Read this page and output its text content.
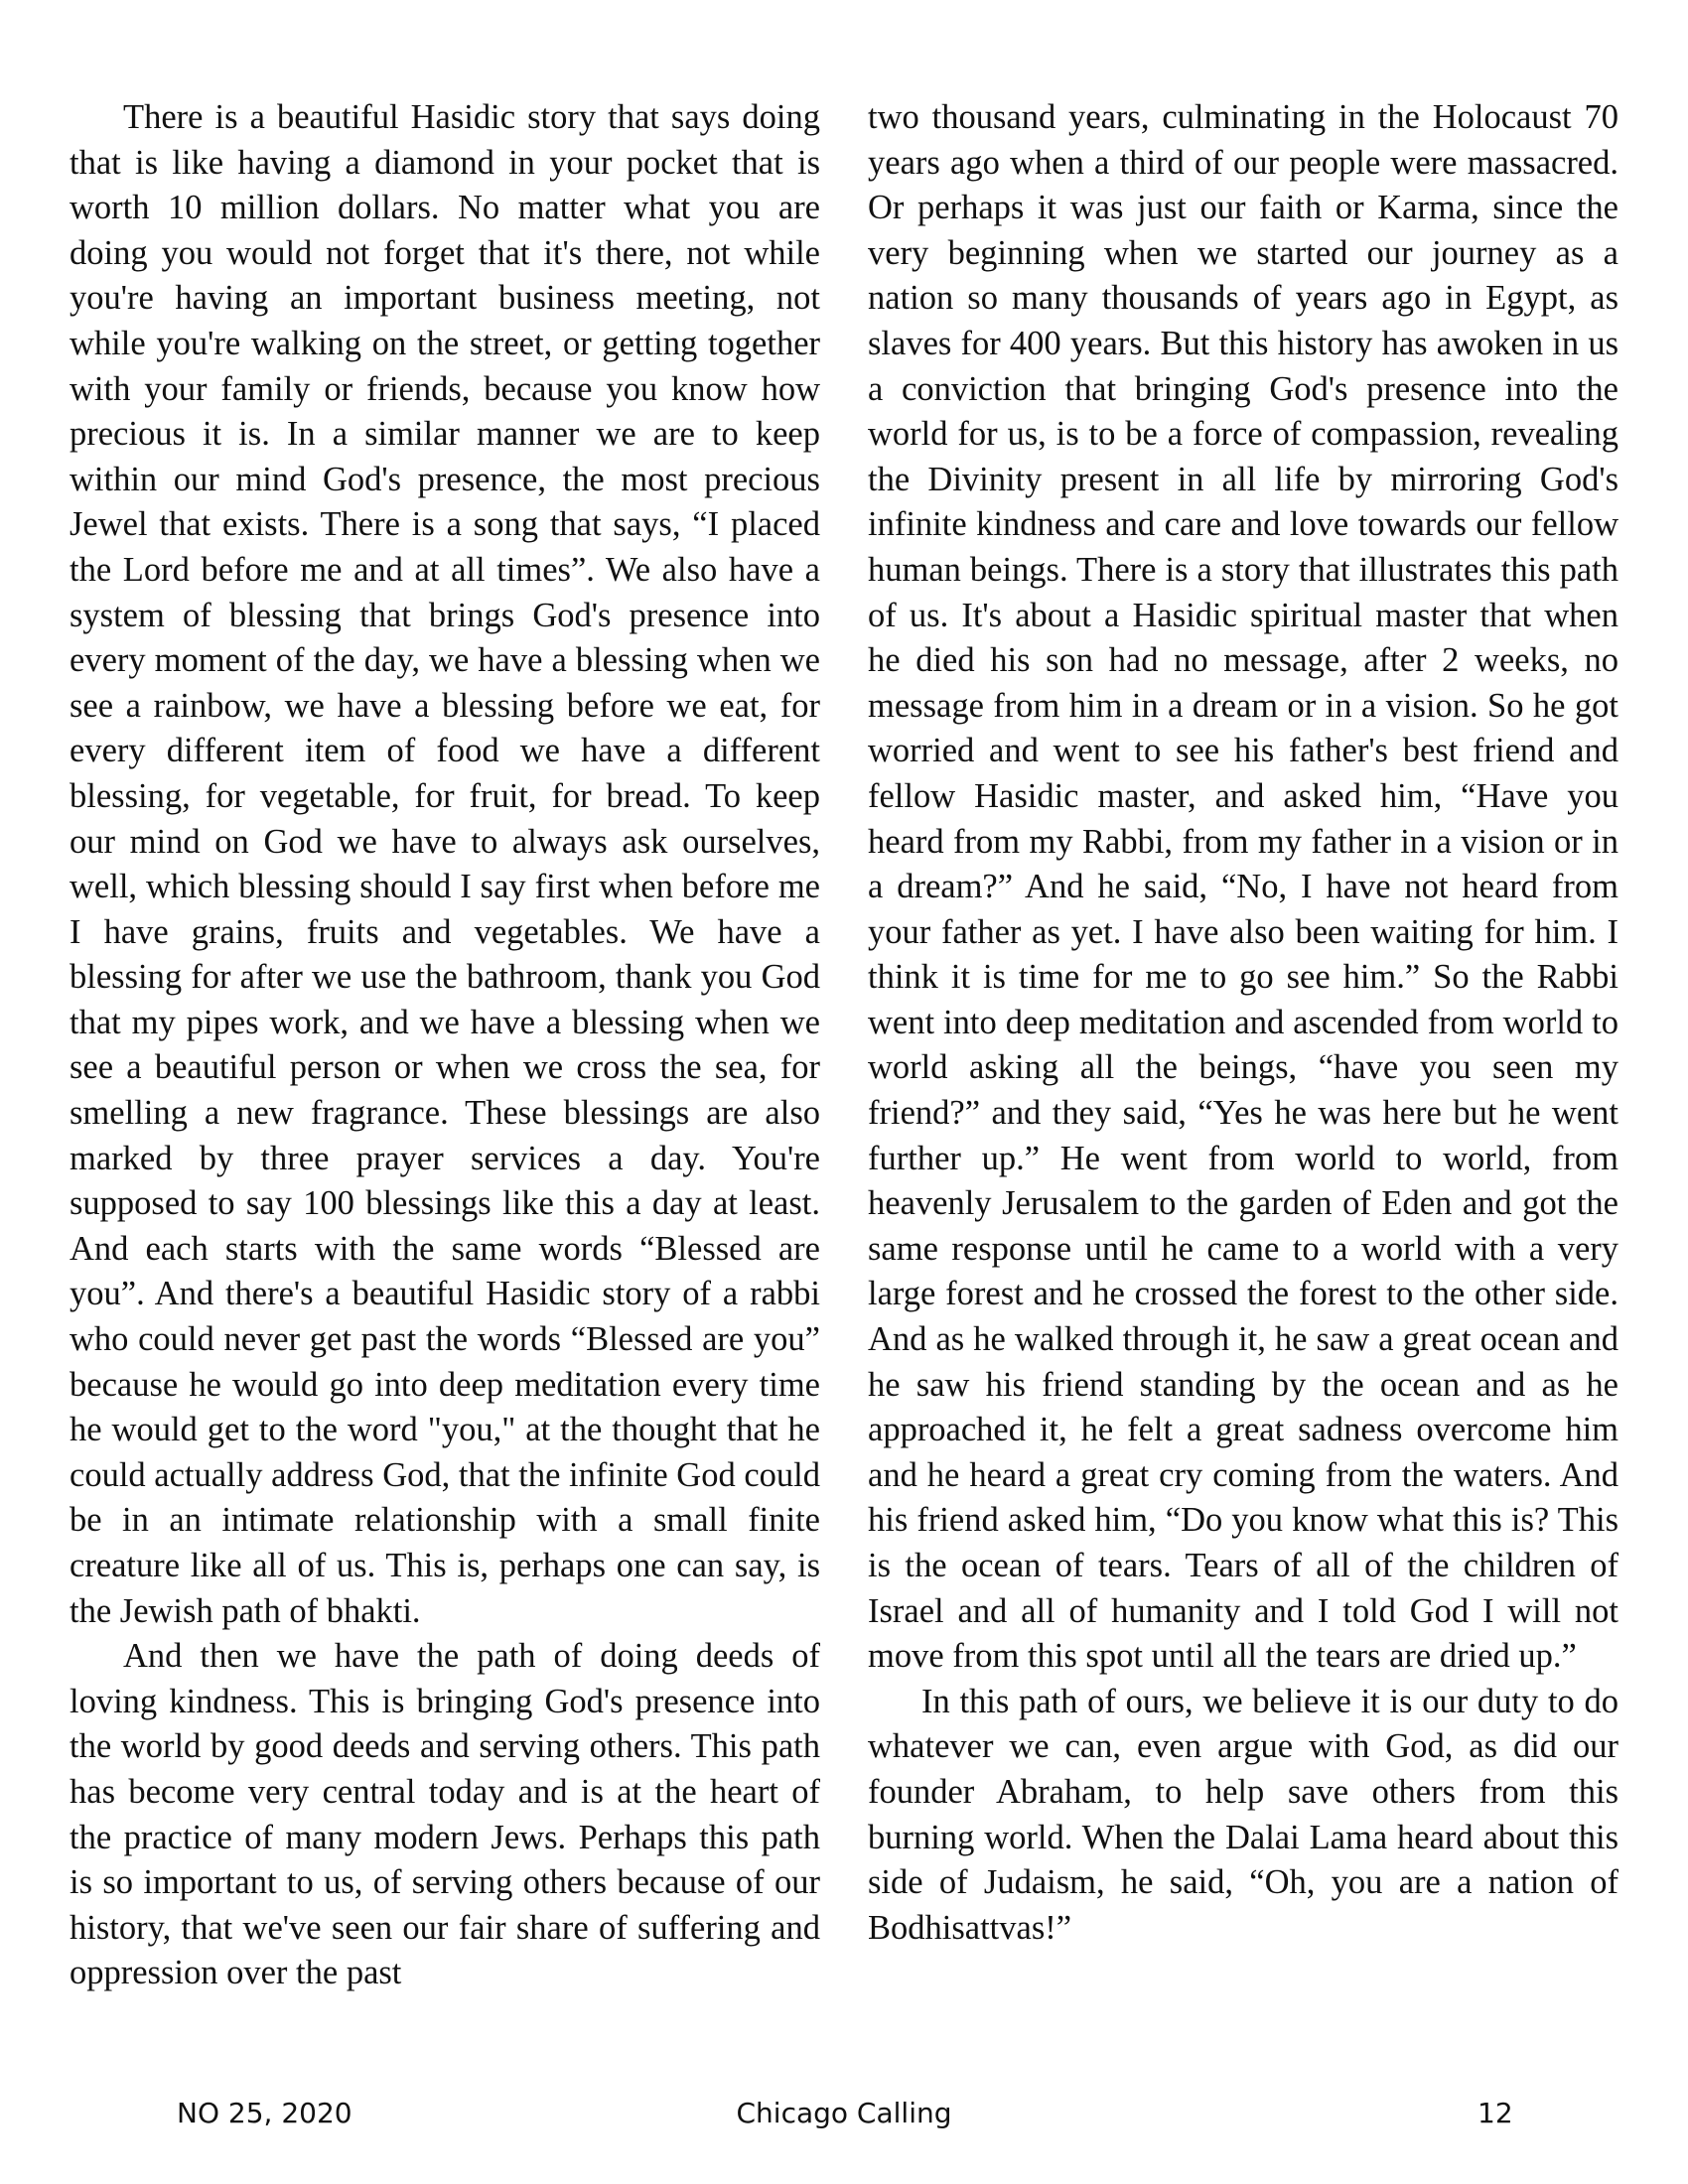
There is a beautiful Hasidic story that says doing that is like having a diamond in your pocket that is worth 10 million dollars. No matter what you are doing you would not forget that it's there, not while you're having an important business meeting, not while you're walking on the street, or getting together with your family or friends, because you know how precious it is. In a similar manner we are to keep within our mind God's presence, the most precious Jewel that exists. There is a song that says, “I placed the Lord before me and at all times”. We also have a system of blessing that brings God's presence into every moment of the day, we have a blessing when we see a rainbow, we have a blessing before we eat, for every different item of food we have a different blessing, for vegetable, for fruit, for bread. To keep our mind on God we have to always ask ourselves, well, which blessing should I say first when before me I have grains, fruits and vegetables. We have a blessing for after we use the bathroom, thank you God that my pipes work, and we have a blessing when we see a beautiful person or when we cross the sea, for smelling a new fragrance. These blessings are also marked by three prayer services a day. You're supposed to say 100 blessings like this a day at least. And each starts with the same words “Blessed are you”. And there's a beautiful Hasidic story of a rabbi who could never get past the words “Blessed are you” because he would go into deep meditation every time he would get to the word "you," at the thought that he could actually address God, that the infinite God could be in an intimate relationship with a small finite creature like all of us. This is, perhaps one can say, is the Jewish path of bhakti.

And then we have the path of doing deeds of loving kindness. This is bringing God's presence into the world by good deeds and serving others. This path has become very central today and is at the heart of the practice of many modern Jews. Perhaps this path is so important to us, of serving others because of our history, that we've seen our fair share of suffering and oppression over the past

two thousand years, culminating in the Holocaust 70 years ago when a third of our people were massacred. Or perhaps it was just our faith or Karma, since the very beginning when we started our journey as a nation so many thousands of years ago in Egypt, as slaves for 400 years. But this history has awoken in us a conviction that bringing God's presence into the world for us, is to be a force of compassion, revealing the Divinity present in all life by mirroring God's infinite kindness and care and love towards our fellow human beings. There is a story that illustrates this path of us. It's about a Hasidic spiritual master that when he died his son had no message, after 2 weeks, no message from him in a dream or in a vision. So he got worried and went to see his father's best friend and fellow Hasidic master, and asked him, “Have you heard from my Rabbi, from my father in a vision or in a dream?” And he said, “No, I have not heard from your father as yet. I have also been waiting for him. I think it is time for me to go see him.” So the Rabbi went into deep meditation and ascended from world to world asking all the beings, “have you seen my friend?” and they said, “Yes he was here but he went further up.” He went from world to world, from heavenly Jerusalem to the garden of Eden and got the same response until he came to a world with a very large forest and he crossed the forest to the other side. And as he walked through it, he saw a great ocean and he saw his friend standing by the ocean and as he approached it, he felt a great sadness overcome him and he heard a great cry coming from the waters. And his friend asked him, “Do you know what this is? This is the ocean of tears. Tears of all of the children of Israel and all of humanity and I told God I will not move from this spot until all the tears are dried up.”

In this path of ours, we believe it is our duty to do whatever we can, even argue with God, as did our founder Abraham, to help save others from this burning world. When the Dalai Lama heard about this side of Judaism, he said, “Oh, you are a nation of Bodhisattvas!”

NO 25, 2020	Chicago Calling	12
